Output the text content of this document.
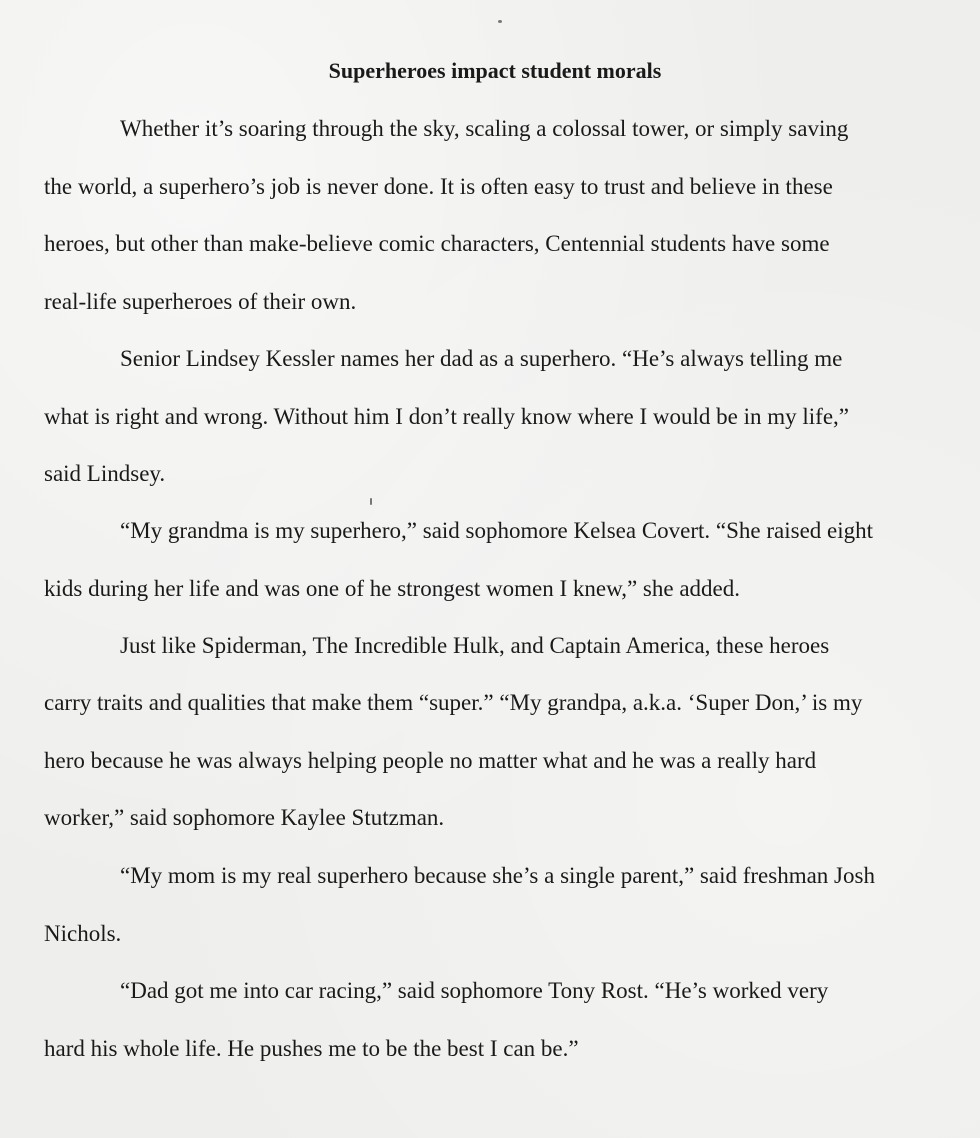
Superheroes impact student morals

Whether it’s soaring through the sky, scaling a colossal tower, or simply saving

the world, a superhero’s job is never done. It is often easy to trust and believe in these

heroes, but other than make-believe comic characters, Centennial students have some

real-life superheroes of their own.

Senior Lindsey Kessler names her dad as a superhero. “He’s always telling me

what is right and wrong. Without him I don’t really know where I would be in my life,”

said Lindsey.

“My grandma is my superhero,” said sophomore Kelsea Covert. “She raised eight

kids during her life and was one of he strongest women I knew,” she added.

Just like Spiderman, The Incredible Hulk, and Captain America, these heroes

carry traits and qualities that make them “super.” “My grandpa, a.k.a. ‘Super Don,’ is my

hero because he was always helping people no matter what and he was a really hard

worker,” said sophomore Kaylee Stutzman.

“My mom is my real superhero because she’s a single parent,” said freshman Josh

Nichols.

“Dad got me into car racing,” said sophomore Tony Rost. “He’s worked very

hard his whole life. He pushes me to be the best I can be.”
